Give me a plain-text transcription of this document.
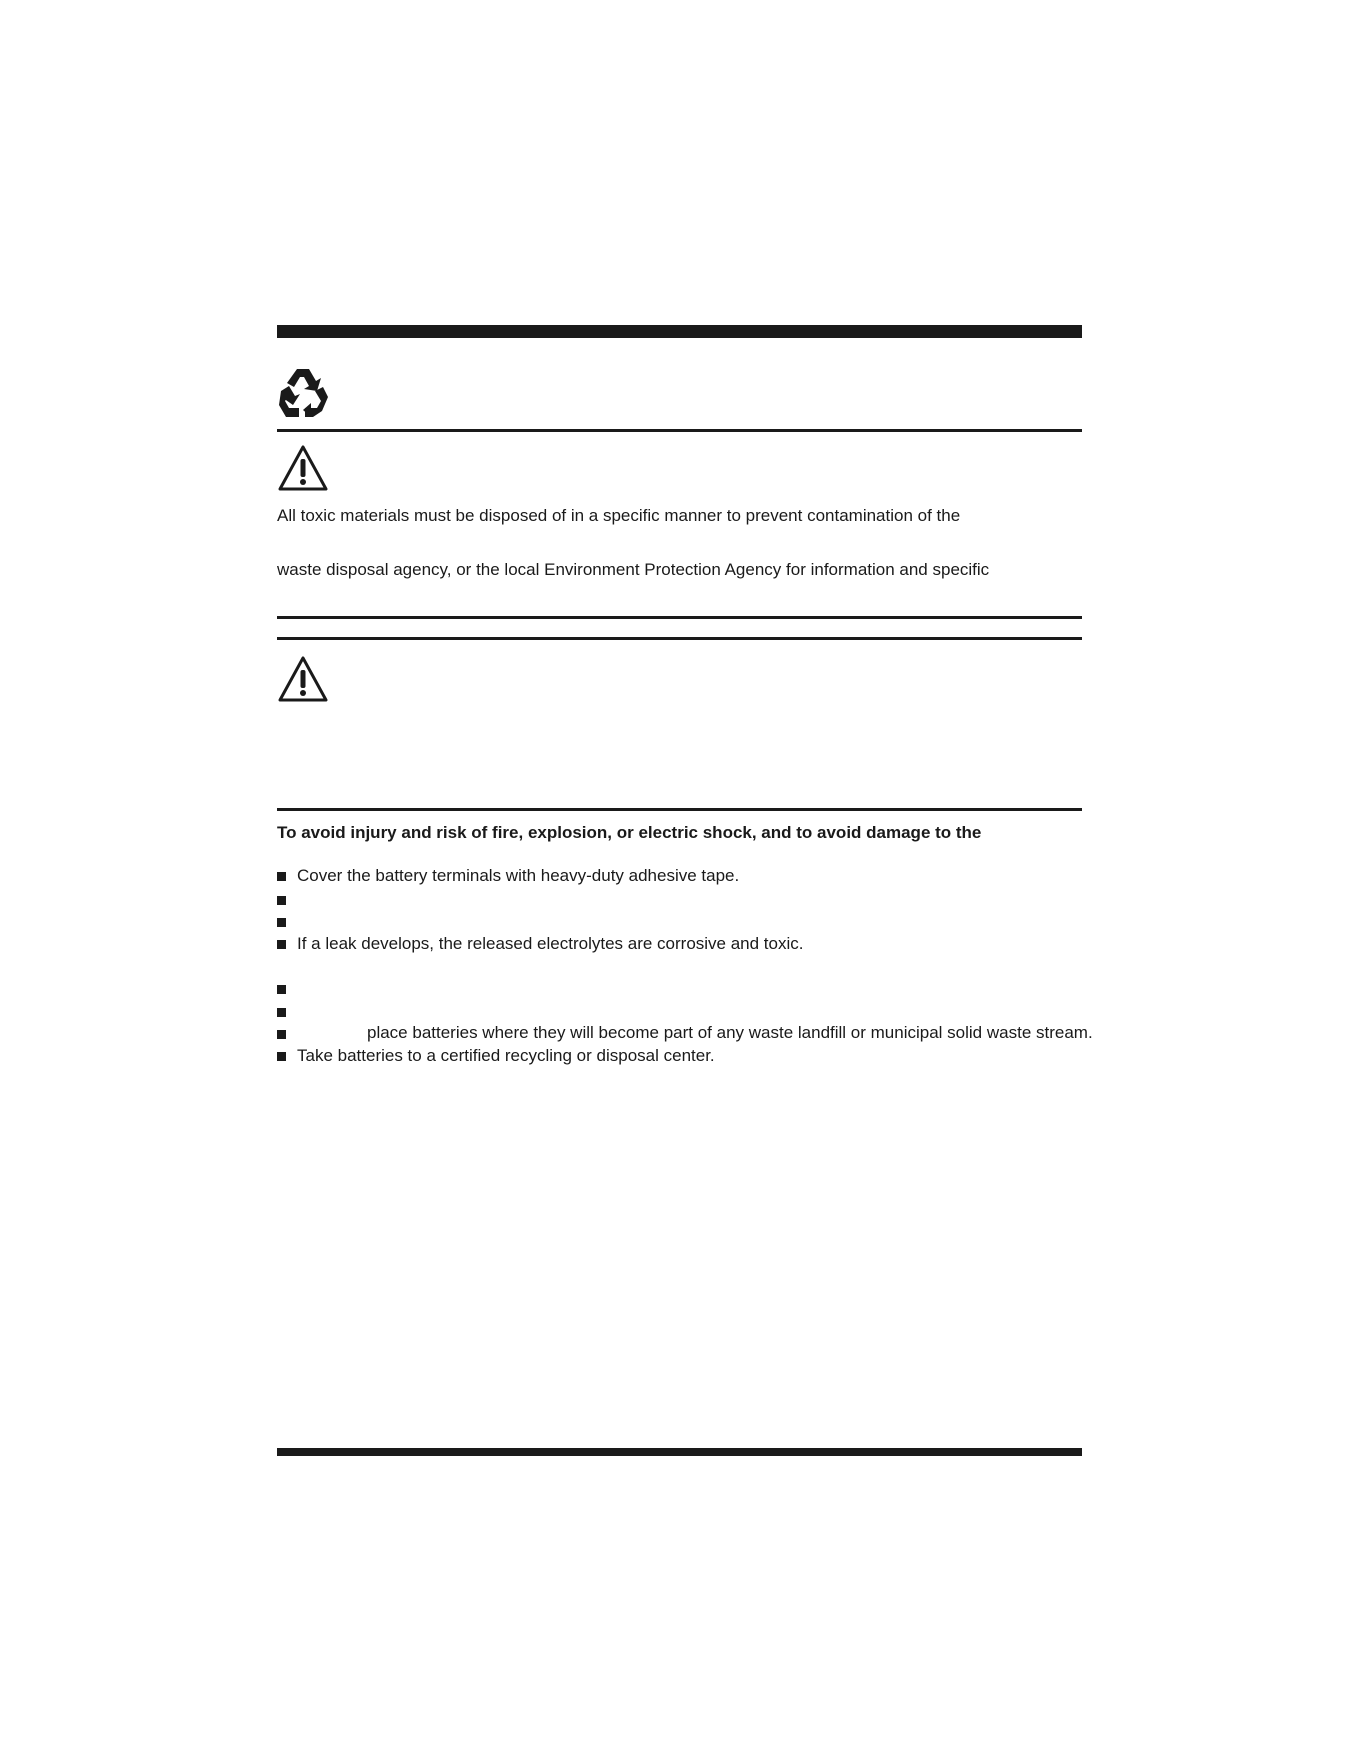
All toxic materials must be disposed of in a specific manner to prevent contamination of the
waste disposal agency, or the local Environment Protection Agency for information and specific
To avoid injury and risk of fire, explosion, or electric shock, and to avoid damage to the
Cover the battery terminals with heavy-duty adhesive tape.
If a leak develops, the released electrolytes are corrosive and toxic.
place batteries where they will become part of any waste landfill or municipal solid waste stream.
Take batteries to a certified recycling or disposal center.
